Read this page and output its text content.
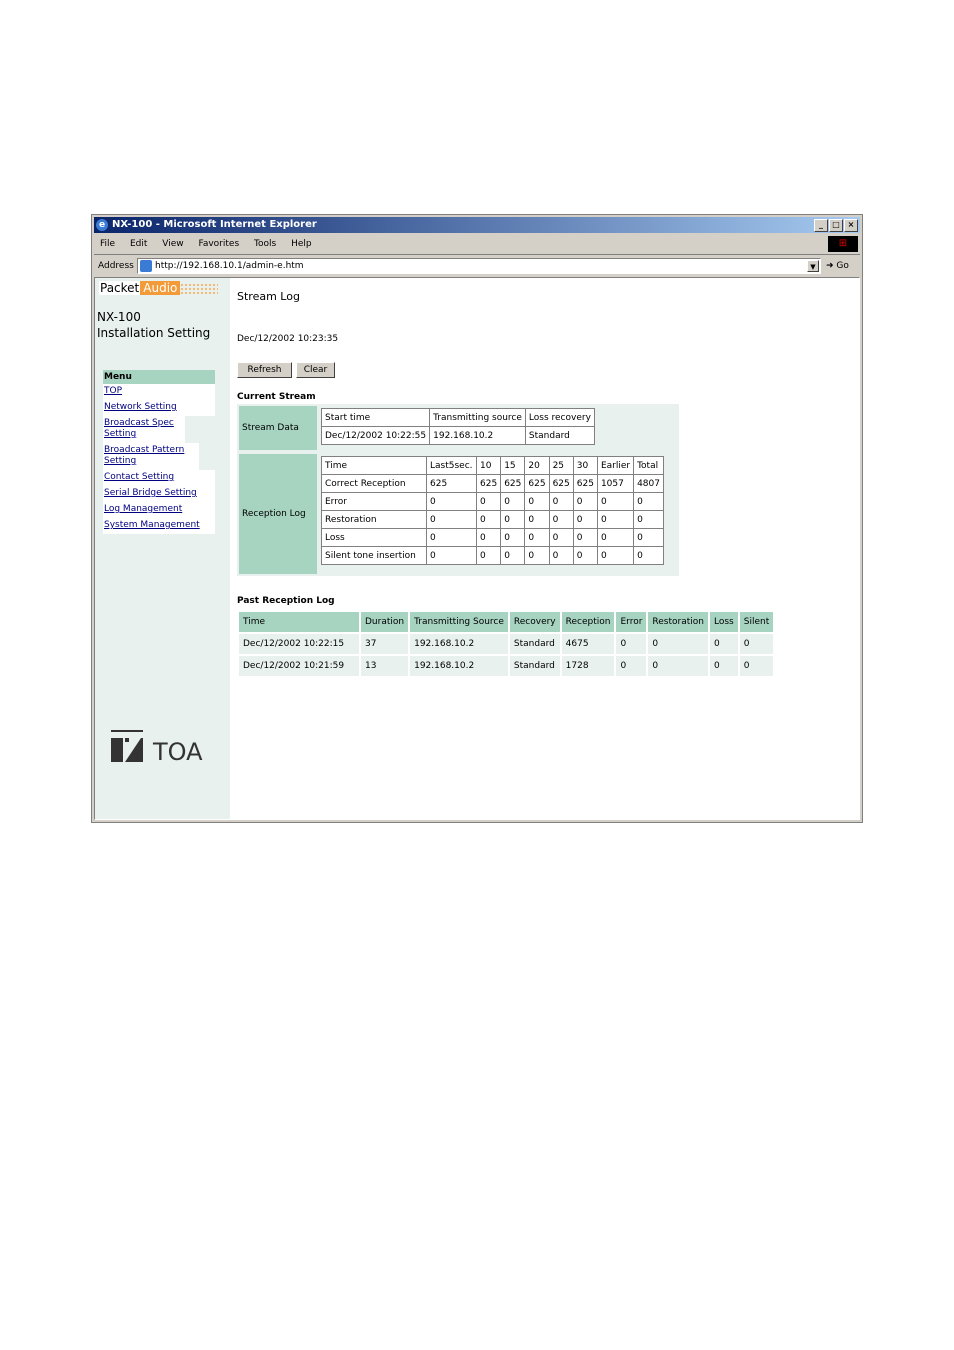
e NX-100 - Microsoft Internet Explorer	_ □ ×
File Edit View Favorites Tools Help	⊞
Address http://192.168.10.1/admin-e.htm	▼	➜ Go
Packet Audio
NX-100
Installation Setting
Menu
TOP
Network Setting
Broadcast Spec Setting
Broadcast Pattern Setting
Contact Setting
Serial Bridge Setting
Log Management
System Management
TOA
Stream Log
Dec/12/2002 10:23:35
Refresh	Clear
Current Stream
Stream Data
Reception Log
Start time	Transmitting source	Loss recovery
Dec/12/2002 10:22:55	192.168.10.2	Standard
Time	Last5sec.	10	15	20	25	30	Earlier	Total
Correct Reception	625	625	625	625	625	625	1057	4807
Error	0	0	0	0	0	0	0	0
Restoration	0	0	0	0	0	0	0	0
Loss	0	0	0	0	0	0	0	0
Silent tone insertion	0	0	0	0	0	0	0	0
Past Reception Log
Time	Duration	Transmitting Source	Recovery	Reception	Error	Restoration	Loss	Silent
Dec/12/2002 10:22:15	37	192.168.10.2	Standard	4675	0	0	0	0
Dec/12/2002 10:21:59	13	192.168.10.2	Standard	1728	0	0	0	0
